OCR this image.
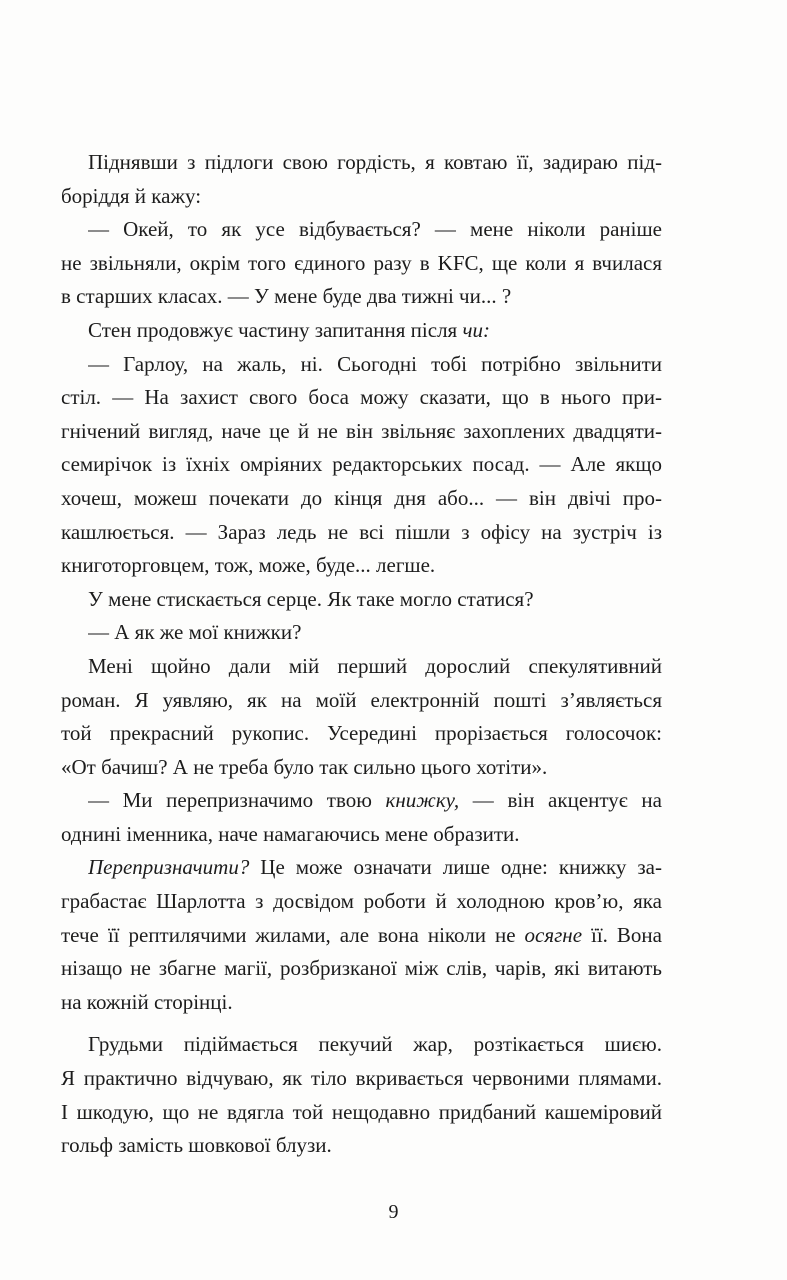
Піднявши з підлоги свою гордість, я ковтаю її, задираю під-
боріддя й кажу:
— Окей, то як усе відбувається? — мене ніколи раніше
не звільняли, окрім того єдиного разу в KFC, ще коли я вчилася
в старших класах. — У мене буде два тижні чи... ?
Стен продовжує частину запитання після чи:
— Гарлоу, на жаль, ні. Сьогодні тобі потрібно звільнити
стіл. — На захист свого боса можу сказати, що в нього при-
гнічений вигляд, наче це й не він звільняє захоплених двадцяти-
семирічок із їхніх омріяних редакторських посад. — Але якщо
хочеш, можеш почекати до кінця дня або... — він двічі про-
кашлюється. — Зараз ледь не всі пішли з офісу на зустріч із
книготорговцем, тож, може, буде... легше.
У мене стискається серце. Як таке могло статися?
— А як же мої книжки?
Мені щойно дали мій перший дорослий спекулятивний
роман. Я уявляю, як на моїй електронній пошті з’являється
той прекрасний рукопис. Усередині прорізається голосочок:
«От бачиш? А не треба було так сильно цього хотіти».
— Ми перепризначимо твою книжку, — він акцентує на
однині іменника, наче намагаючись мене образити.
Перепризначити? Це може означати лише одне: книжку за-
грабастає Шарлотта з досвідом роботи й холодною кров’ю, яка
тече її рептилячими жилами, але вона ніколи не осягне її. Вона
нізащо не збагне магії, розбризканої між слів, чарів, які витають
на кожній сторінці.
Грудьми підіймається пекучий жар, розтікається шиєю.
Я практично відчуваю, як тіло вкривається червоними плямами.
І шкодую, що не вдягла той нещодавно придбаний кашеміровий
гольф замість шовкової блузи.
9
